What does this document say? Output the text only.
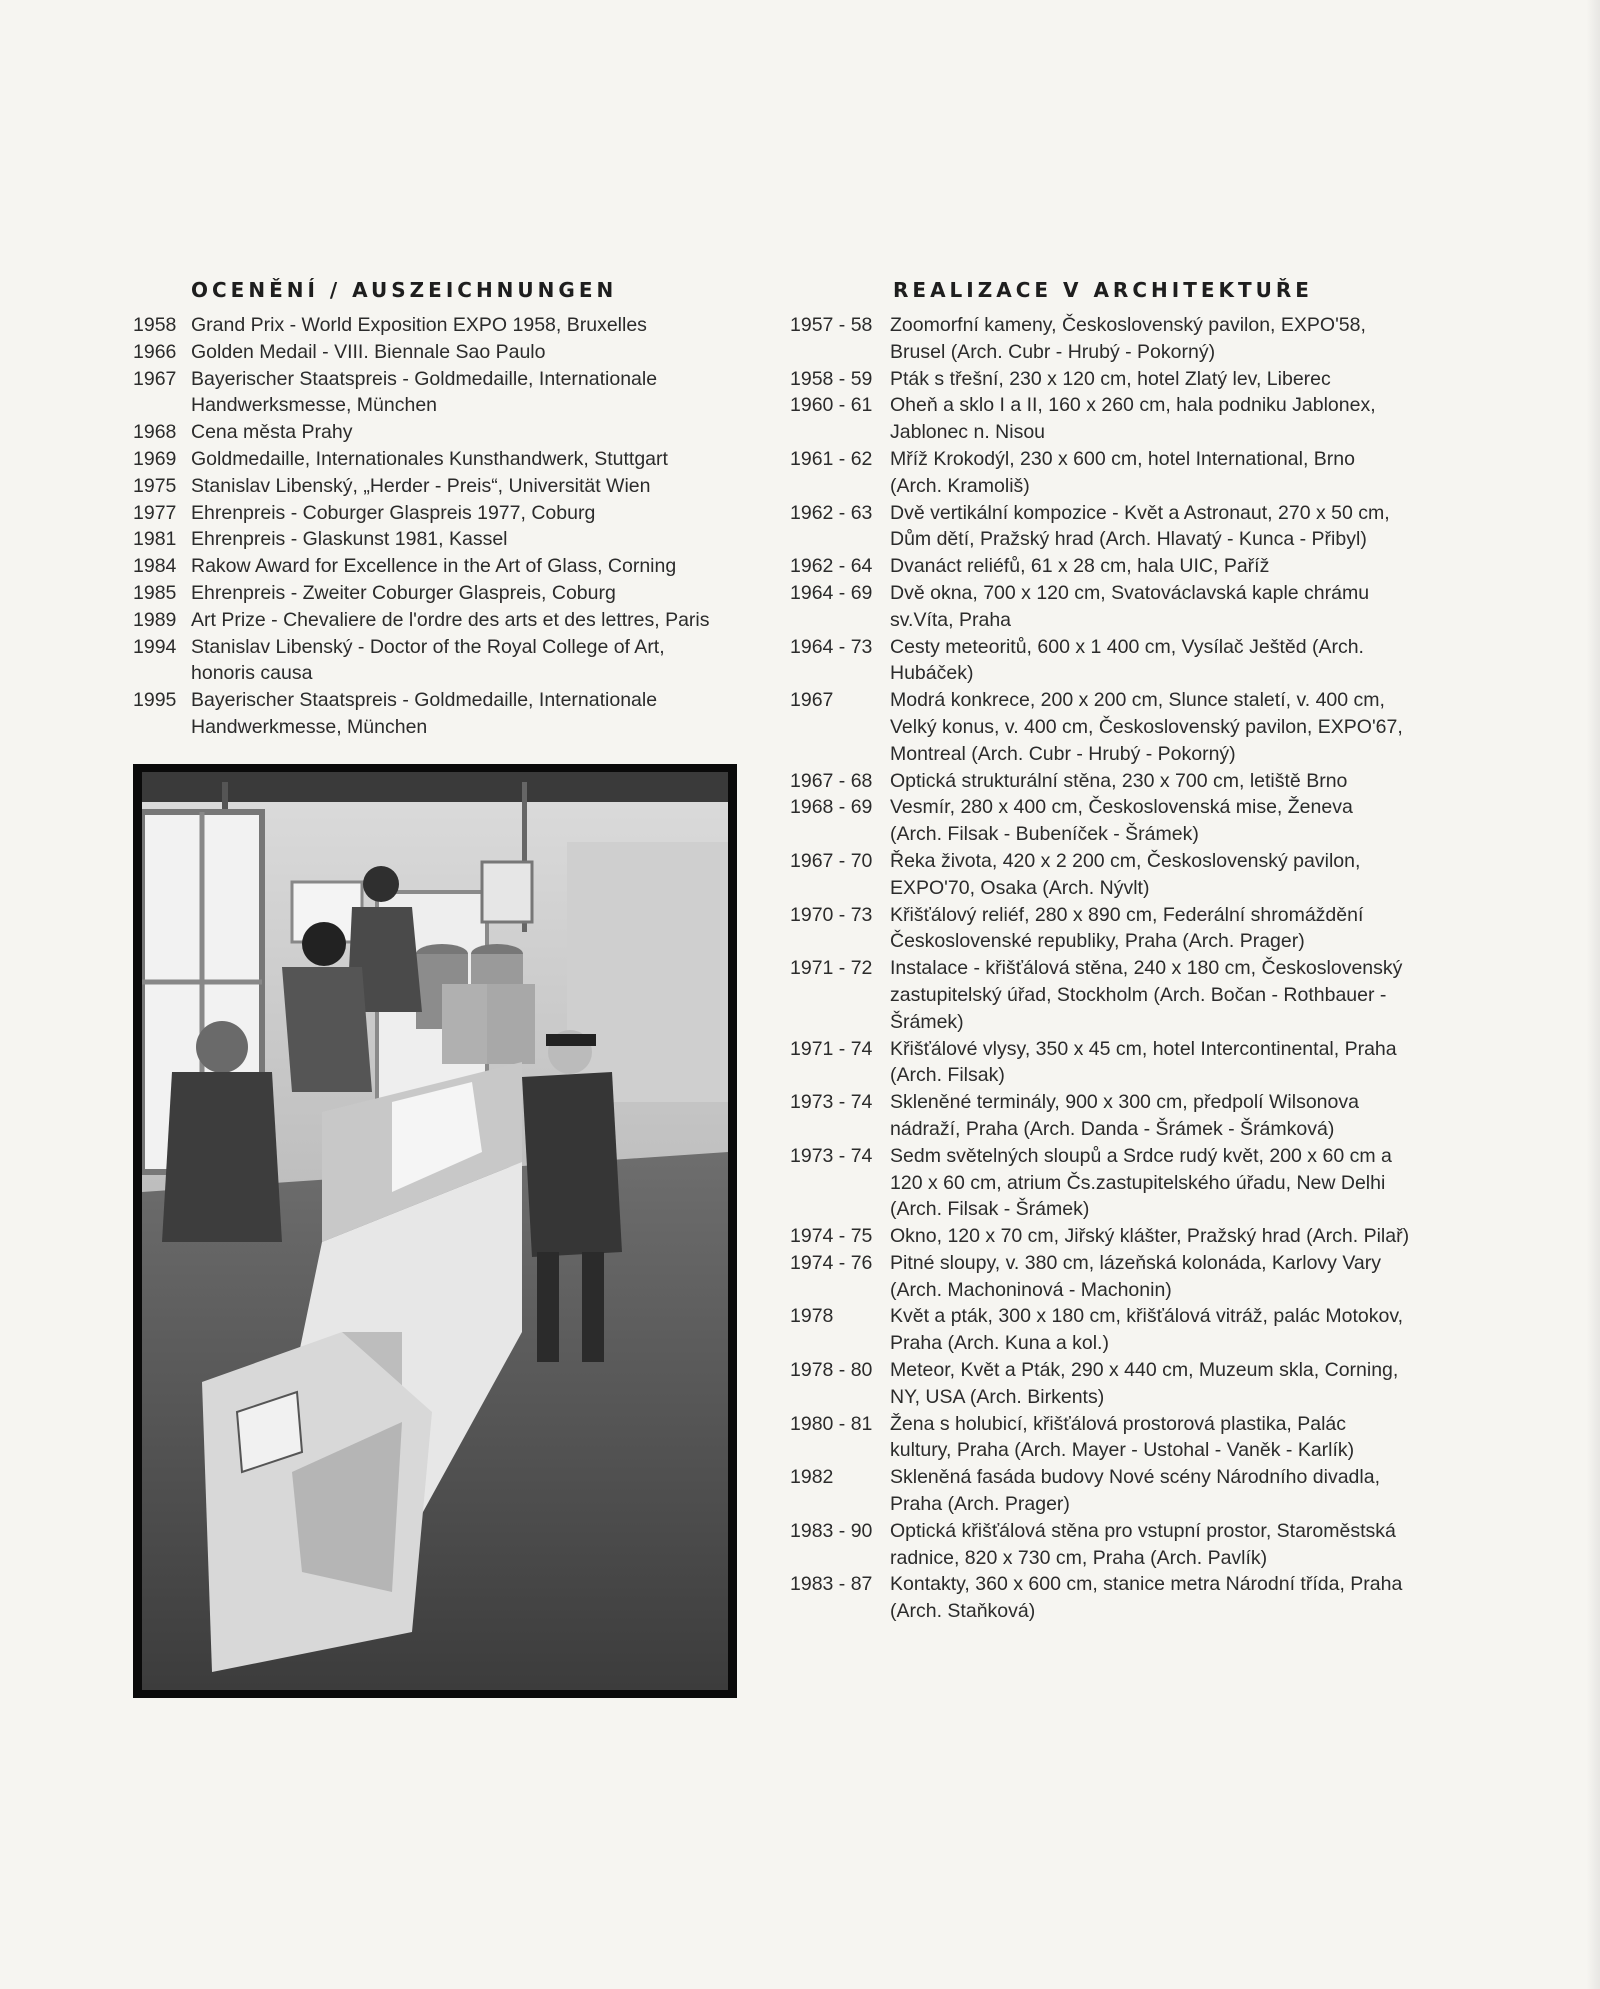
OCENĚNÍ / AUSZEICHNUNGEN
1958 Grand Prix - World Exposition EXPO 1958, Bruxelles
1966 Golden Medail - VIII. Biennale Sao Paulo
1967 Bayerischer Staatspreis - Goldmedaille, Internationale Handwerksmesse, München
1968 Cena města Prahy
1969 Goldmedaille, Internationales Kunsthandwerk, Stuttgart
1975 Stanislav Libenský, „Herder - Preis“, Universität Wien
1977 Ehrenpreis - Coburger Glaspreis 1977, Coburg
1981 Ehrenpreis - Glaskunst 1981, Kassel
1984 Rakow Award for Excellence in the Art of Glass, Corning
1985 Ehrenpreis - Zweiter Coburger Glaspreis, Coburg
1989 Art Prize - Chevaliere de l'ordre des arts et des lettres, Paris
1994 Stanislav Libenský - Doctor of the Royal College of Art, honoris causa
1995 Bayerischer Staatspreis - Goldmedaille, Internationale Handwerkmesse, München
REALIZACE V ARCHITEKTUŘE
1957 - 58 Zoomorfní kameny, Československý pavilon, EXPO'58, Brusel (Arch. Cubr - Hrubý - Pokorný)
1958 - 59 Pták s třešní, 230 x 120 cm, hotel Zlatý lev, Liberec
1960 - 61 Oheň a sklo I a II, 160 x 260 cm, hala podniku Jablonex, Jablonec n. Nisou
1961 - 62 Mříž Krokodýl, 230 x 600 cm, hotel International, Brno (Arch. Kramoliš)
1962 - 63 Dvě vertikální kompozice - Květ a Astronaut, 270 x 50 cm, Dům dětí, Pražský hrad (Arch. Hlavatý - Kunca - Přibyl)
1962 - 64 Dvanáct reliéfů, 61 x 28 cm, hala UIC, Paříž
1964 - 69 Dvě okna, 700 x 120 cm, Svatováclavská kaple chrámu sv.Víta, Praha
1964 - 73 Cesty meteoritů, 600 x 1 400 cm, Vysílač Ještěd (Arch. Hubáček)
1967	Modrá konkrece, 200 x 200 cm, Slunce staletí, v. 400 cm, Velký konus, v. 400 cm, Československý pavilon, EXPO'67, Montreal (Arch. Cubr - Hrubý - Pokorný)
1967 - 68 Optická strukturální stěna, 230 x 700 cm, letiště Brno
1968 - 69 Vesmír, 280 x 400 cm, Československá mise, Ženeva (Arch. Filsak - Bubeníček - Šrámek)
1967 - 70 Řeka života, 420 x 2 200 cm, Československý pavilon, EXPO'70, Osaka (Arch. Nývlt)
1970 - 73 Křišťálový reliéf, 280 x 890 cm, Federální shromáždění Československé republiky, Praha (Arch. Prager)
1971 - 72 Instalace - křišťálová stěna, 240 x 180 cm, Československý zastupitelský úřad, Stockholm (Arch. Bočan - Rothbauer - Šrámek)
1971 - 74 Křišťálové vlysy, 350 x 45 cm, hotel Intercontinental, Praha (Arch. Filsak)
1973 - 74 Skleněné terminály, 900 x 300 cm, předpolí Wilsonova nádraží, Praha (Arch. Danda - Šrámek - Šrámková)
1973 - 74 Sedm světelných sloupů a Srdce rudý květ, 200 x 60 cm a 120 x 60 cm, atrium Čs.zastupitelského úřadu, New Delhi (Arch. Filsak - Šrámek)
1974 - 75 Okno, 120 x 70 cm, Jiřský klášter, Pražský hrad (Arch. Pilař)
1974 - 76 Pitné sloupy, v. 380 cm, lázeňská kolonáda, Karlovy Vary (Arch. Machoninová - Machonin)
1978	Květ a pták, 300 x 180 cm, křišťálová vitráž, palác Motokov, Praha (Arch. Kuna a kol.)
1978 - 80 Meteor, Květ a Pták, 290 x 440 cm, Muzeum skla, Corning, NY, USA (Arch. Birkents)
1980 - 81 Žena s holubicí, křišťálová prostorová plastika, Palác kultury, Praha (Arch. Mayer - Ustohal - Vaněk - Karlík)
1982	Skleněná fasáda budovy Nové scény Národního divadla, Praha (Arch. Prager)
1983 - 90 Optická křišťálová stěna pro vstupní prostor, Staroměstská radnice, 820 x 730 cm, Praha (Arch. Pavlík)
1983 - 87 Kontakty, 360 x 600 cm, stanice metra Národní třída, Praha (Arch. Staňková)
